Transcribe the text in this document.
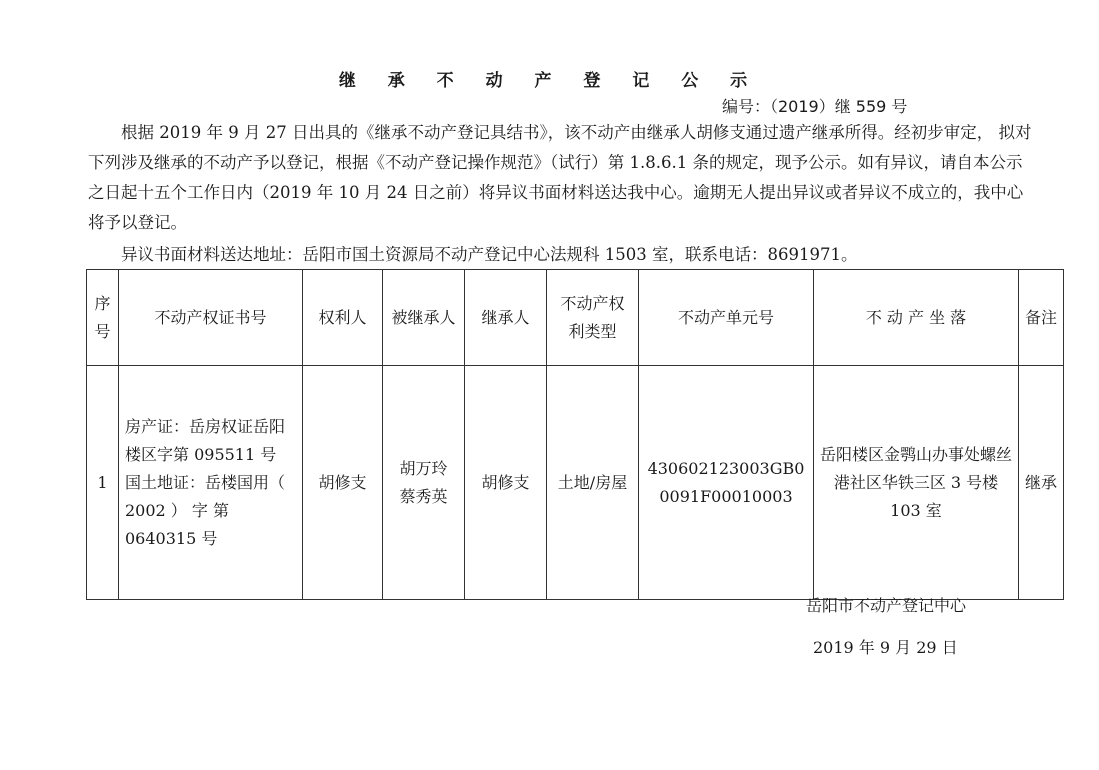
继 承 不 动 产 登 记 公 示
编号：（2019）继 559 号

根据 2019 年 9 月 27 日出具的《继承不动产登记具结书》，该不动产由继承人胡修支通过遗产继承所得。经初步审定， 拟对下列涉及继承的不动产予以登记，根据《不动产登记操作规范》（试行）第 1.8.6.1 条的规定，现予公示。如有异议，请自本公示之日起十五个工作日内（2019 年 10 月 24 日之前）将异议书面材料送达我中心。逾期无人提出异议或者异议不成立的，我中心将予以登记。

异议书面材料送达地址：岳阳市国土资源局不动产登记中心法规科 1503 室，联系电话：8691971。
序号	不动产权证书号	权利人	被继承人	继承人	不动产权利类型	不动产单元号	不 动 产 坐 落	备注
1	房产证：岳房权证岳阳楼区字第 095511 号 国土地证：岳楼国用（ 2002 ） 字 第 0640315 号	胡修支	胡万玲 蔡秀英	胡修支	土地/房屋	430602123003GB00091F00010003	岳阳楼区金鹗山办事处螺丝港社区华铁三区 3 号楼 103 室	继承
岳阳市不动产登记中心
2019 年 9 月 29 日
